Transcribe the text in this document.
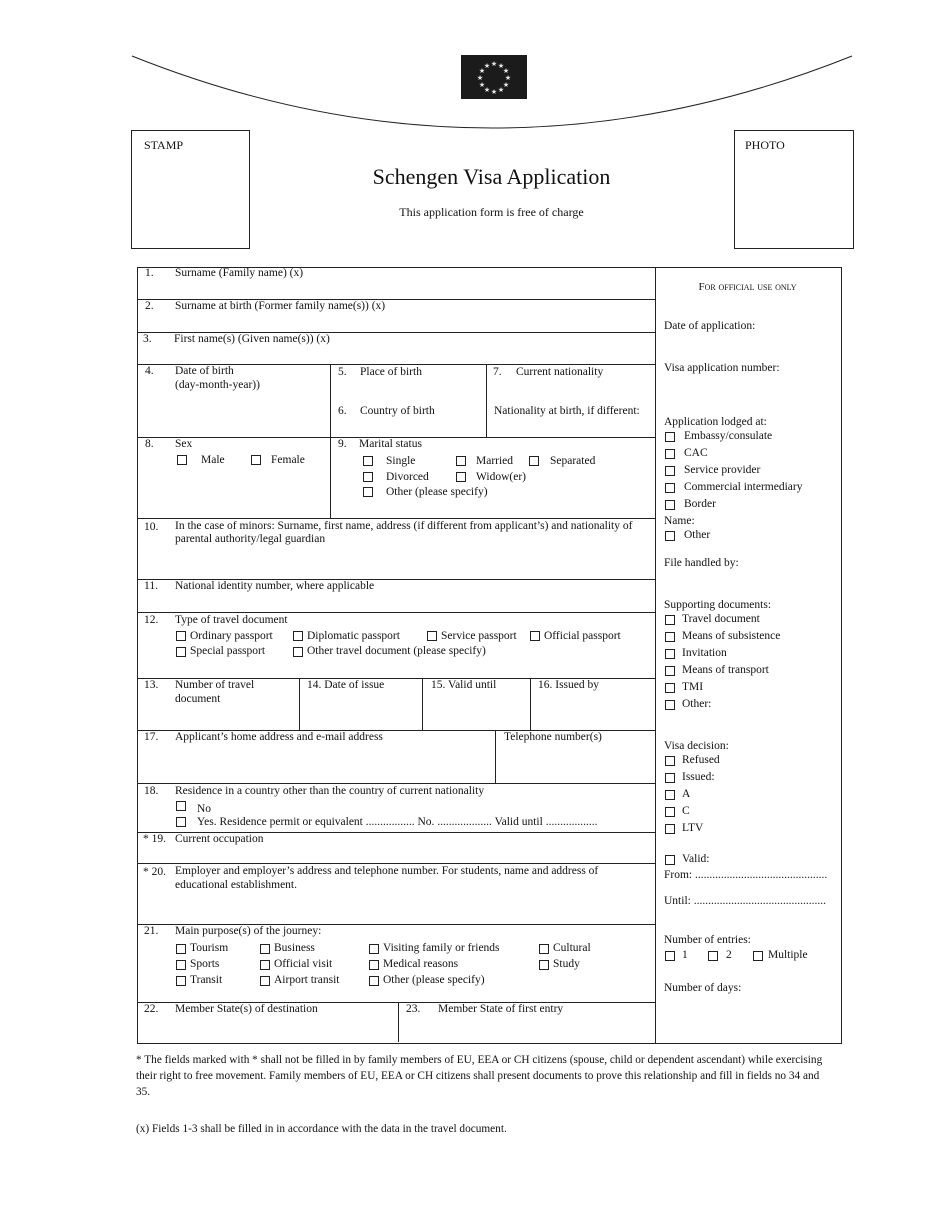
★ ★
★
★
★
★
★
★
★
★
★
★
STAMP	PHOTO
Schengen Visa Application
This application form is free of charge
1. Surname (Family name) (x)
2. Surname at birth (Former family name(s)) (x)
3. First name(s) (Given name(s)) (x)
4. Date of birth
(day-month-year))
5. Place of birth
6. Country of birth
7. Current nationality
Nationality at birth, if different:
8. Sex
Male	Female
9. Marital status
Single	Married	Separated
Divorced	Widow(er)
Other (please specify)
10. In the case of minors: Surname, first name, address (if different from applicant’s) and nationality of parental authority/legal guardian
11. National identity number, where applicable
12. Type of travel document
Ordinary passport	Diplomatic passport	Service passport Official passport
Special passport	Other travel document (please specify)
13. Number of travel
document
14. Date of issue	15. Valid until	16. Issued by
17. Applicant’s home address and e-mail address	Telephone number(s)
18. Residence in a country other than the country of current nationality
No
Yes. Residence permit or equivalent ................. No. ................... Valid until ..................
* 19. Current occupation
* 20. Employer and employer’s address and telephone number. For students, name and address of educational establishment.
21. Main purpose(s) of the journey:
Tourism	Business	Visiting family or friends	Cultural
Sports	Official visit	Medical reasons	Study
Transit	Airport transit	Other (please specify)
22. Member State(s) of destination	23. Member State of first entry
For official use only
Date of application:
Visa application number:
Application lodged at:
Embassy/consulate
CAC
Service provider
Commercial intermediary
Border
Name:
Other
File handled by:
Supporting documents:
Travel document
Means of subsistence
Invitation
Means of transport
TMI
Other:
Visa decision:
Refused
Issued:
A
C
LTV
Valid:
From: ..............................................
Until: ..............................................
Number of entries:
1	2	Multiple
Number of days:
* The fields marked with * shall not be filled in by family members of EU, EEA or CH citizens (spouse, child or dependent ascendant) while exercising their right to free movement. Family members of EU, EEA or CH citizens shall present documents to prove this relationship and fill in fields no 34 and 35.
(x) Fields 1-3 shall be filled in in accordance with the data in the travel document.
